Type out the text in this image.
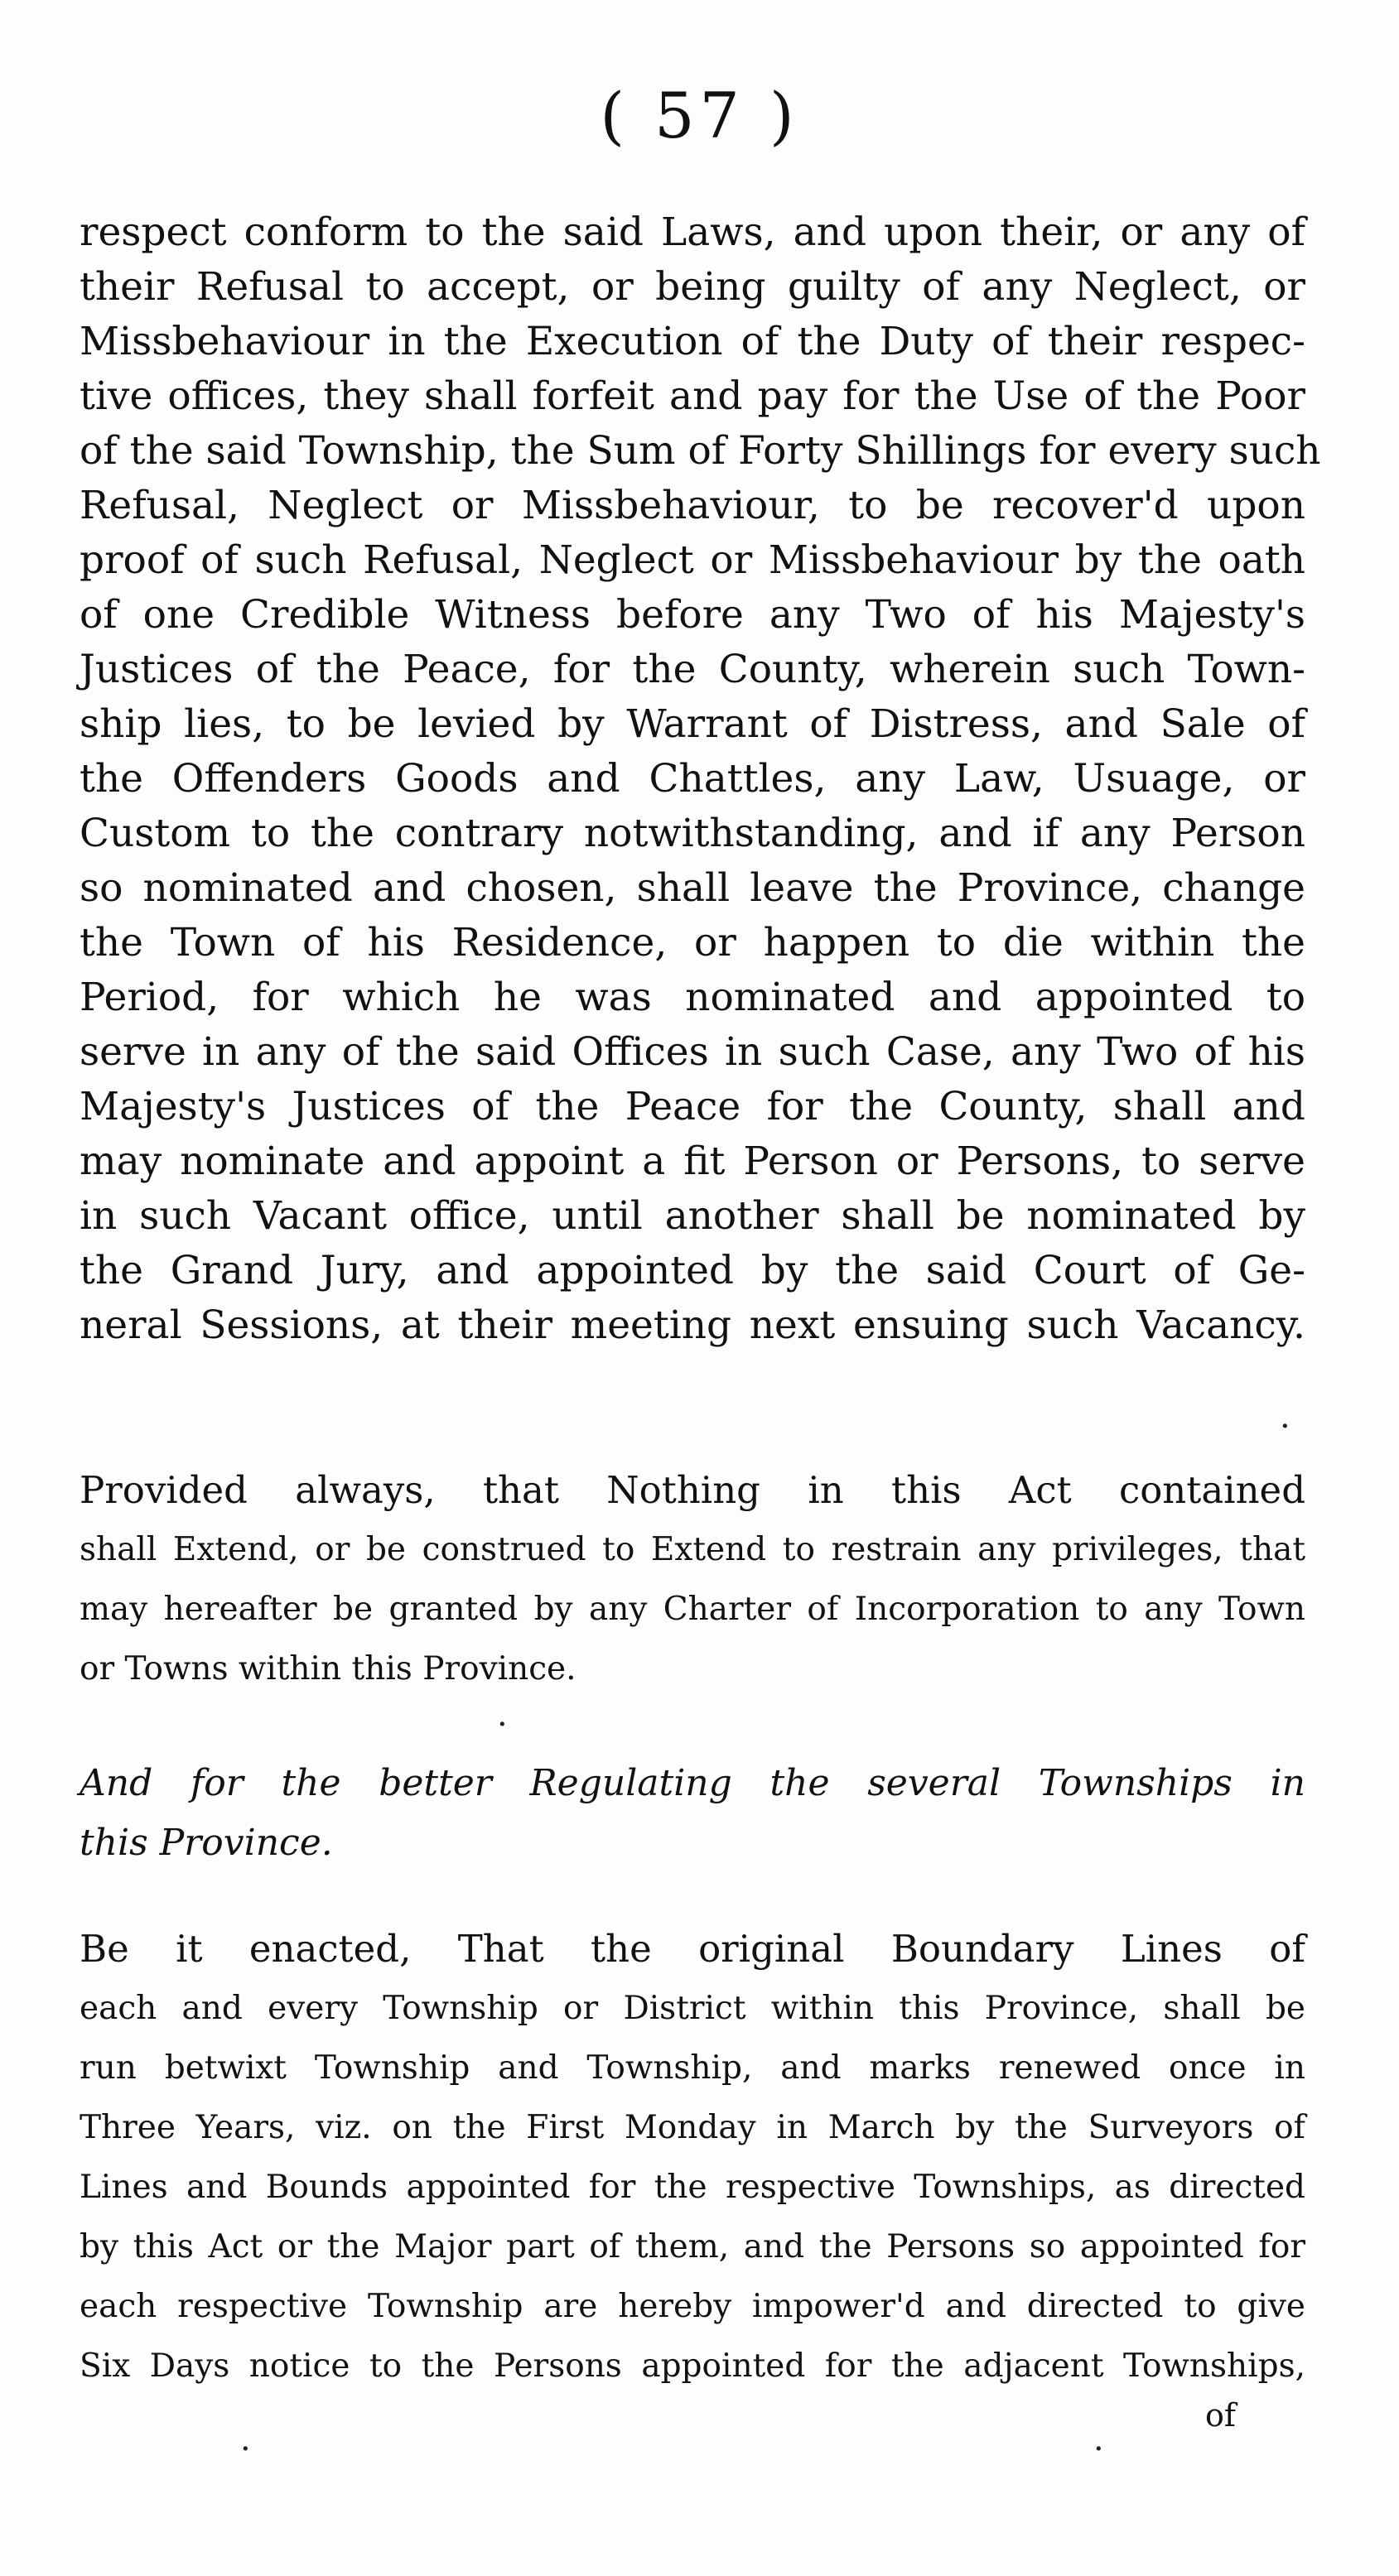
( 57 )
respect conform to the said Laws, and upon their, or any of
their Refusal to accept, or being guilty of any Neglect, or
Missbehaviour in the Execution of the Duty of their respec-
tive offices, they shall forfeit and pay for the Use of the Poor
of the said Township, the Sum of Forty Shillings for every such
Refusal, Neglect or Missbehaviour, to be recover'd upon
proof of such Refusal, Neglect or Missbehaviour by the oath
of one Credible Witness before any Two of his Majesty's
Justices of the Peace, for the County, wherein such Town-
ship lies, to be levied by Warrant of Distress, and Sale of
the Offenders Goods and Chattles, any Law, Usuage, or
Custom to the contrary notwithstanding, and if any Person
so nominated and chosen, shall leave the Province, change
the Town of his Residence, or happen to die within the
Period, for which he was nominated and appointed to
serve in any of the said Offices in such Case, any Two of his
Majesty's Justices of the Peace for the County, shall and
may nominate and appoint a fit Person or Persons, to serve
in such Vacant office, until another shall be nominated by
the Grand Jury, and appointed by the said Court of Ge-
neral Sessions, at their meeting next ensuing such Vacancy.
Provided always, that Nothing in this Act contained
shall Extend, or be construed to Extend to restrain any privileges, that
may hereafter be granted by any Charter of Incorporation to any Town
or Towns within this Province.
And for the better Regulating the several Townships in
this Province.
Be it enacted, That the original Boundary Lines of
each and every Township or District within this Province, shall be
run betwixt Township and Township, and marks renewed once in
Three Years, viz. on the First Monday in March by the Surveyors of
Lines and Bounds appointed for the respective Townships, as directed
by this Act or the Major part of them, and the Persons so appointed for
each respective Township are hereby impower'd and directed to give
Six Days notice to the Persons appointed for the adjacent Townships,
of
·
·
·
·
